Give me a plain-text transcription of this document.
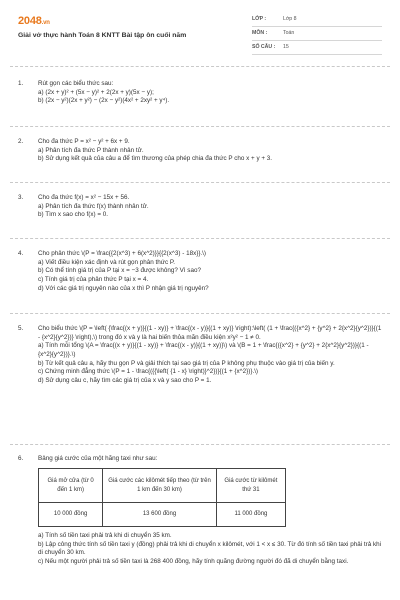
2048.vn
Giải vở thực hành Toán 8 KNTT Bài tập ôn cuối năm
LỚP :	Lớp 8
MÔN :	Toán
SỐ CÂU :	15
1.	Rút gọn các biểu thức sau:

a) (2x + y)² + (5x − y)² + 2(2x + y)(5x − y);

b) (2x − y²)(2x + y²) − (2x − y²)(4x² + 2xy² + y⁴).

2.	Cho đa thức P = x² − y² + 6x + 9.

a) Phân tích đa thức P thành nhân tử.

b) Sử dụng kết quả của câu a để tìm thương của phép chia đa thức P cho x + y + 3.

3.	Cho đa thức f(x) = x² − 15x + 56.

a) Phân tích đa thức f(x) thành nhân tử.

b) Tìm x sao cho f(x) = 0.

4.	Cho phân thức \(P = \frac{{2(x^3) + 6(x^2)}}{{2(x^3) - 18x}}.\)

a) Viết điều kiện xác định và rút gọn phân thức P.

b) Có thể tính giá trị của P tại x = −3 được không? Vì sao?

c) Tính giá trị của phân thức P tại x = 4.

d) Với các giá trị nguyên nào của x thì P nhận giá trị nguyên?

5.	Cho biểu thức \(P = \left( {\frac{(x + y)}{(1 - xy)} + \frac{(x - y)}{(1 + xy)} \right):\left( (1 + \frac{({x^2} + {y^2} + 2{x^2}{y^2})}{(1 - {x^2}{y^2})} \right),\) trong đó x và y là hai biến thỏa mãn điều kiện x²y² − 1 ≠ 0.

a) Tính mỗi tổng \(A = \frac{(x + y)}{(1 - xy)} + \frac{(x - y)}{(1 + xy)}\) và \(B = 1 + \frac{({x^2} + {y^2} + 2{x^2}{y^2})}{(1 - {x^2}{y^2})}.\)

b) Từ kết quả câu a, hãy thu gọn P và giải thích tại sao giá trị của P không phụ thuộc vào giá trị của biến y.

c) Chứng minh đẳng thức \(P = 1 - \frac{({{\left( {1 - x} \right)}^2})}{(1 + {x^2})}.\)

d) Sử dụng câu c, hãy tìm các giá trị của x và y sao cho P = 1.

6.	Bảng giá cước của một hãng taxi như sau:

Giá mở cửa (từ 0 đến 1 km)	Giá cước các kilômét tiếp theo (từ trên 1 km đến 30 km)	Giá cước từ kilômét thứ 31
10 000 đồng	13 600 đồng	11 000 đồng

a) Tính số tiền taxi phải trả khi di chuyển 35 km.

b) Lập công thức tính số tiền taxi y (đồng) phải trả khi di chuyển x kilômét, với 1 < x ≤ 30. Từ đó tính số tiền taxi phải trả khi di chuyển 30 km.

c) Nếu một người phải trả số tiền taxi là 268 400 đồng, hãy tính quãng đường người đó đã di chuyển bằng taxi.
